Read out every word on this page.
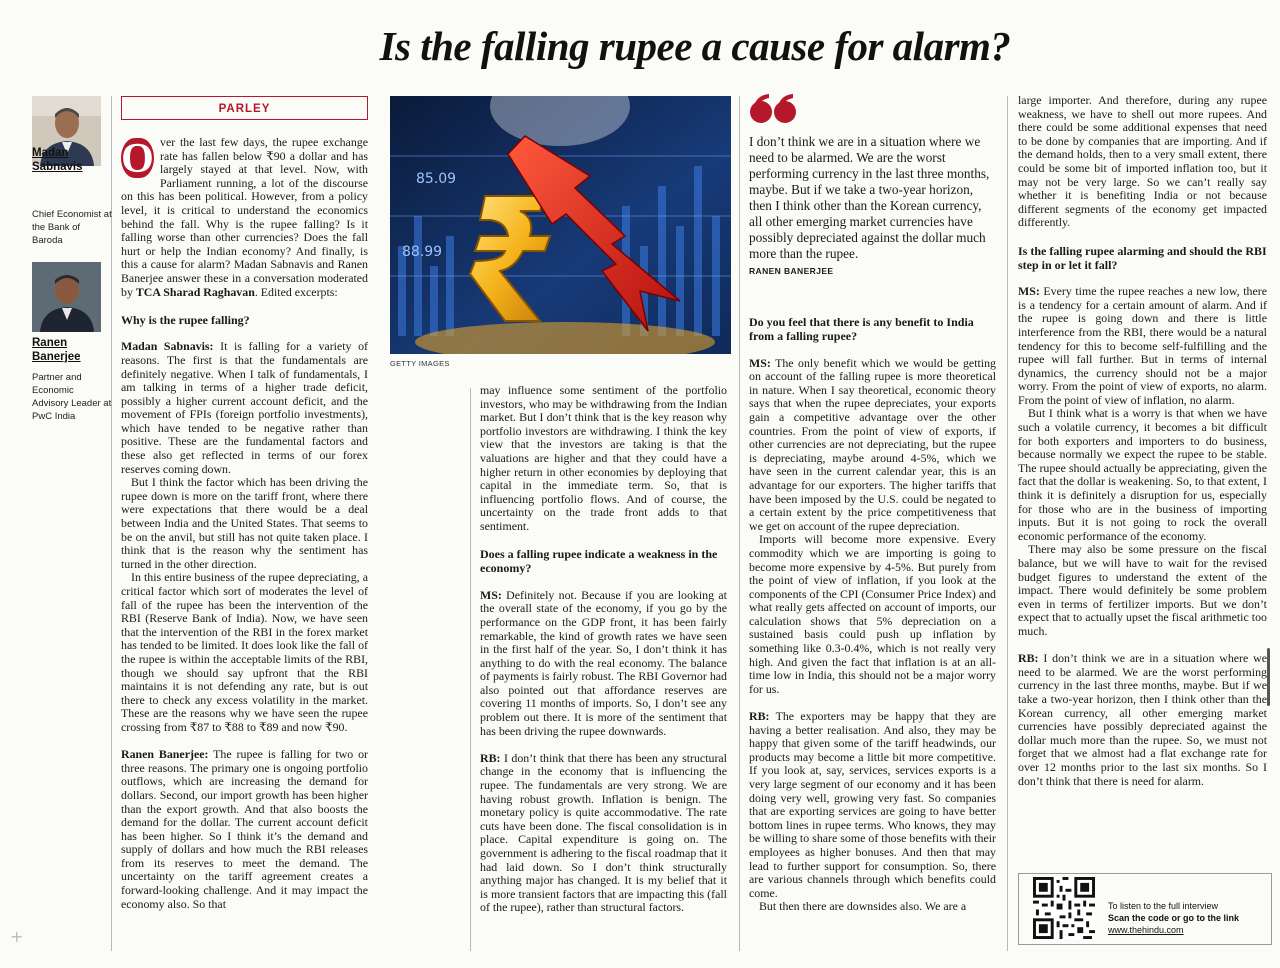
Is the falling rupee a cause for alarm?
Madan
Sabnavis
Chief Economist at the Bank of Baroda
Ranen
Banerjee
Partner and Economic Advisory Leader at PwC India
PARLEY

O ver the last few days, the rupee exchange rate has fallen below ₹90 a dollar and has largely stayed at that level. Now, with Parliament running, a lot of the discourse on this has been political. However, from a policy level, it is critical to understand the economics behind the fall. Why is the rupee falling? Is it falling worse than other currencies? Does the fall hurt or help the Indian economy? And finally, is this a cause for alarm? Madan Sabnavis and Ranen Banerjee answer these in a conversation moderated by TCA Sharad Raghavan. Edited excerpts:

Why is the rupee falling?

Madan Sabnavis: It is falling for a variety of reasons. The first is that the fundamentals are definitely negative. When I talk of fundamentals, I am talking in terms of a higher trade deficit, possibly a higher current account deficit, and the movement of FPIs (foreign portfolio investments), which have tended to be negative rather than positive. These are the fundamental factors and these also get reflected in terms of our forex reserves coming down.

But I think the factor which has been driving the rupee down is more on the tariff front, where there were expectations that there would be a deal between India and the United States. That seems to be on the anvil, but still has not quite taken place. I think that is the reason why the sentiment has turned in the other direction.

In this entire business of the rupee depreciating, a critical factor which sort of moderates the level of fall of the rupee has been the intervention of the RBI (Reserve Bank of India). Now, we have seen that the intervention of the RBI in the forex market has tended to be limited. It does look like the fall of the rupee is within the acceptable limits of the RBI, though we should say upfront that the RBI maintains it is not defending any rate, but is out there to check any excess volatility in the market. These are the reasons why we have seen the rupee crossing from ₹87 to ₹88 to ₹89 and now ₹90.

Ranen Banerjee: The rupee is falling for two or three reasons. The primary one is ongoing portfolio outflows, which are increasing the demand for dollars. Second, our import growth has been higher than the export growth. And that also boosts the demand for the dollar. The current account deficit has been higher. So I think it’s the demand and supply of dollars and how much the RBI releases from its reserves to meet the demand. The uncertainty on the tariff agreement creates a forward-looking challenge. And it may impact the economy also. So that

85.09
88.99
GETTY IMAGES

may influence some sentiment of the portfolio investors, who may be withdrawing from the Indian market. But I don’t think that is the key reason why portfolio investors are withdrawing. I think the key view that the investors are taking is that the valuations are higher and that they could have a higher return in other economies by deploying that capital in the immediate term. So, that is influencing portfolio flows. And of course, the uncertainty on the trade front adds to that sentiment.

Does a falling rupee indicate a weakness in the economy?

MS: Definitely not. Because if you are looking at the overall state of the economy, if you go by the performance on the GDP front, it has been fairly remarkable, the kind of growth rates we have seen in the first half of the year. So, I don’t think it has anything to do with the real economy. The balance of payments is fairly robust. The RBI Governor had also pointed out that affordance reserves are covering 11 months of imports. So, I don’t see any problem out there. It is more of the sentiment that has been driving the rupee downwards.

RB: I don’t think that there has been any structural change in the economy that is influencing the rupee. The fundamentals are very strong. We are having robust growth. Inflation is benign. The monetary policy is quite accommodative. The rate cuts have been done. The fiscal consolidation is in place. Capital expenditure is going on. The government is adhering to the fiscal roadmap that it had laid down. So I don’t think structurally anything major has changed. It is my belief that it is more transient factors that are impacting this (fall of the rupee), rather than structural factors.

I don’t think we are in a situation where we need to be alarmed. We are the worst performing currency in the last three months, maybe. But if we take a two-year horizon, then I think other than the Korean currency, all other emerging market currencies have possibly depreciated against the dollar much more than the rupee.
RANEN BANERJEE
Do you feel that there is any benefit to India from a falling rupee?

MS: The only benefit which we would be getting on account of the falling rupee is more theoretical in nature. When I say theoretical, economic theory says that when the rupee depreciates, your exports gain a competitive advantage over the other countries. From the point of view of exports, if other currencies are not depreciating, but the rupee is depreciating, maybe around 4-5%, which we have seen in the current calendar year, this is an advantage for our exporters. The higher tariffs that have been imposed by the U.S. could be negated to a certain extent by the price competitiveness that we get on account of the rupee depreciation.

Imports will become more expensive. Every commodity which we are importing is going to become more expensive by 4-5%. But purely from the point of view of inflation, if you look at the components of the CPI (Consumer Price Index) and what really gets affected on account of imports, our calculation shows that 5% depreciation on a sustained basis could push up inflation by something like 0.3-0.4%, which is not really very high. And given the fact that inflation is at an all-time low in India, this should not be a major worry for us.

RB: The exporters may be happy that they are having a better realisation. And also, they may be happy that given some of the tariff headwinds, our products may become a little bit more competitive. If you look at, say, services, services exports is a very large segment of our economy and it has been doing very well, growing very fast. So companies that are exporting services are going to have better bottom lines in rupee terms. Who knows, they may be willing to share some of those benefits with their employees as higher bonuses. And then that may lead to further support for consumption. So, there are various channels through which benefits could come.

But then there are downsides also. We are a

large importer. And therefore, during any rupee weakness, we have to shell out more rupees. And there could be some additional expenses that need to be done by companies that are importing. And if the demand holds, then to a very small extent, there could be some bit of imported inflation too, but it may not be very large. So we can’t really say whether it is benefiting India or not because different segments of the economy get impacted differently.

Is the falling rupee alarming and should the RBI step in or let it fall?

MS: Every time the rupee reaches a new low, there is a tendency for a certain amount of alarm. And if the rupee is going down and there is little interference from the RBI, there would be a natural tendency for this to become self-fulfilling and the rupee will fall further. But in terms of internal dynamics, the currency should not be a major worry. From the point of view of exports, no alarm. From the point of view of inflation, no alarm.

But I think what is a worry is that when we have such a volatile currency, it becomes a bit difficult for both exporters and importers to do business, because normally we expect the rupee to be stable. The rupee should actually be appreciating, given the fact that the dollar is weakening. So, to that extent, I think it is definitely a disruption for us, especially for those who are in the business of importing inputs. But it is not going to rock the overall economic performance of the economy.

There may also be some pressure on the fiscal balance, but we will have to wait for the revised budget figures to understand the extent of the impact. There would definitely be some problem even in terms of fertilizer imports. But we don’t expect that to actually upset the fiscal arithmetic too much.

RB: I don’t think we are in a situation where we need to be alarmed. We are the worst performing currency in the last three months, maybe. But if we take a two-year horizon, then I think other than the Korean currency, all other emerging market currencies have possibly depreciated against the dollar much more than the rupee. So, we must not forget that we almost had a flat exchange rate for over 12 months prior to the last six months. So I don’t think that there is need for alarm.

To listen to the full interview
Scan the code or go to the link
www.thehindu.com
+
